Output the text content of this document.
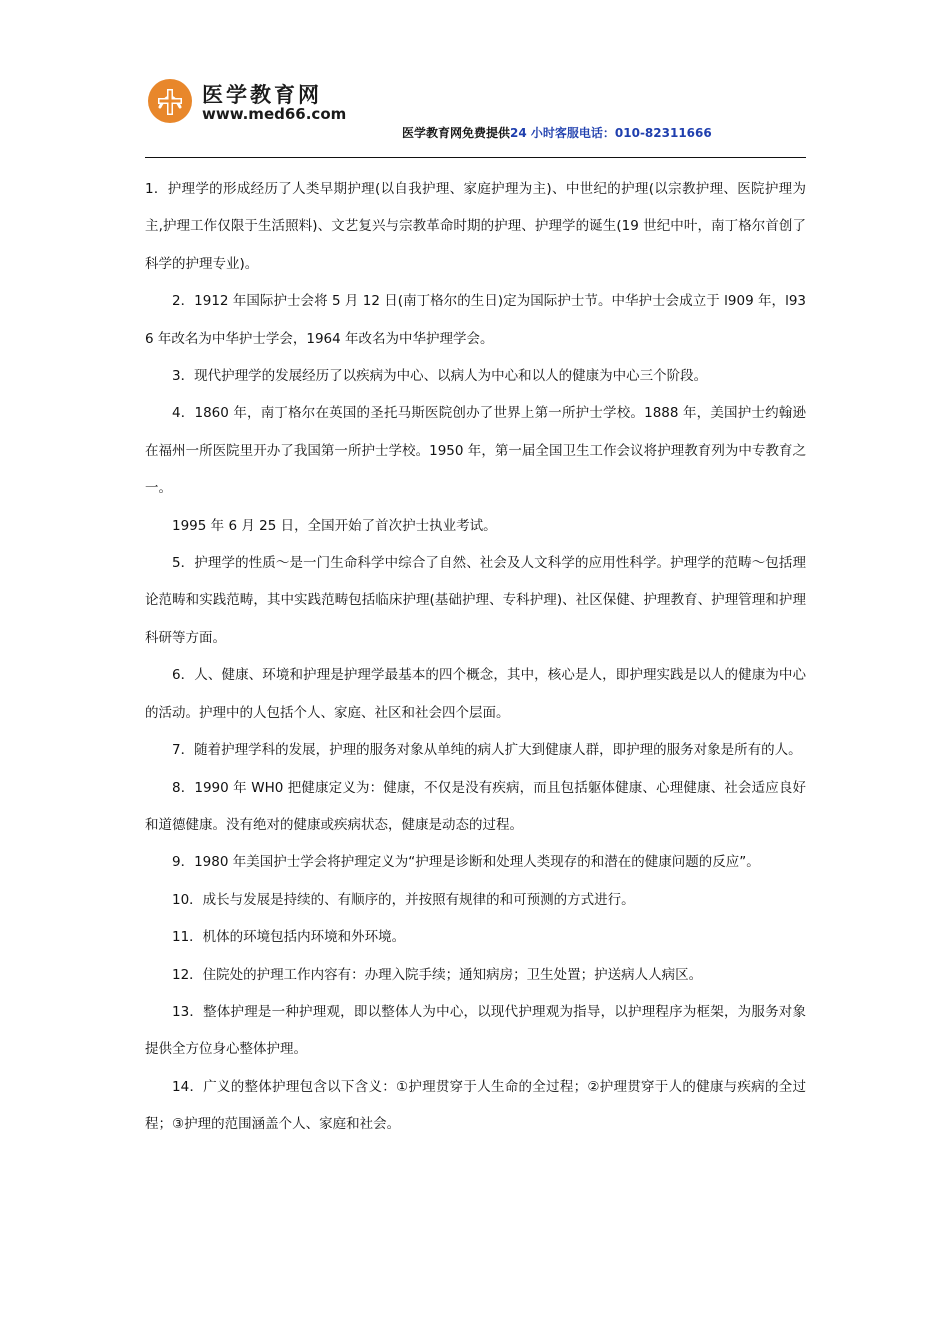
医学教育网
www.med66.com
医学教育网免费提供24 小时客服电话：010-82311666

1．护理学的形成经历了人类早期护理(以自我护理、家庭护理为主)、中世纪的护理(以宗教护理、医院护理为主,护理工作仅限于生活照料)、文艺复兴与宗教革命时期的护理、护理学的诞生(19 世纪中叶，南丁格尔首创了科学的护理专业)。

2．1912 年国际护士会将 5 月 12 日(南丁格尔的生日)定为国际护士节。中华护士会成立于 l909 年，l936 年改名为中华护士学会，1964 年改名为中华护理学会。

3．现代护理学的发展经历了以疾病为中心、以病人为中心和以人的健康为中心三个阶段。

4．1860 年，南丁格尔在英国的圣托马斯医院创办了世界上第一所护士学校。1888 年，美国护士约翰逊在福州一所医院里开办了我国第一所护士学校。1950 年，第一届全国卫生工作会议将护理教育列为中专教育之一。

1995 年 6 月 25 日，全国开始了首次护士执业考试。

5．护理学的性质～是一门生命科学中综合了自然、社会及人文科学的应用性科学。护理学的范畴～包括理论范畴和实践范畴，其中实践范畴包括临床护理(基础护理、专科护理)、社区保健、护理教育、护理管理和护理科研等方面。

6．人、健康、环境和护理是护理学最基本的四个概念，其中，核心是人，即护理实践是以人的健康为中心的活动。护理中的人包括个人、家庭、社区和社会四个层面。

7．随着护理学科的发展，护理的服务对象从单纯的病人扩大到健康人群，即护理的服务对象是所有的人。

8．1990 年 WH0 把健康定义为：健康，不仅是没有疾病，而且包括躯体健康、心理健康、社会适应良好和道德健康。没有绝对的健康或疾病状态，健康是动态的过程。

9．1980 年美国护士学会将护理定义为“护理是诊断和处理人类现存的和潜在的健康问题的反应”。

10．成长与发展是持续的、有顺序的，并按照有规律的和可预测的方式进行。

11．机体的环境包括内环境和外环境。

12．住院处的护理工作内容有：办理入院手续；通知病房；卫生处置；护送病人人病区。

13．整体护理是一种护理观，即以整体人为中心，以现代护理观为指导，以护理程序为框架，为服务对象提供全方位身心整体护理。

14．广义的整体护理包含以下含义：①护理贯穿于人生命的全过程；②护理贯穿于人的健康与疾病的全过程；③护理的范围涵盖个人、家庭和社会。
